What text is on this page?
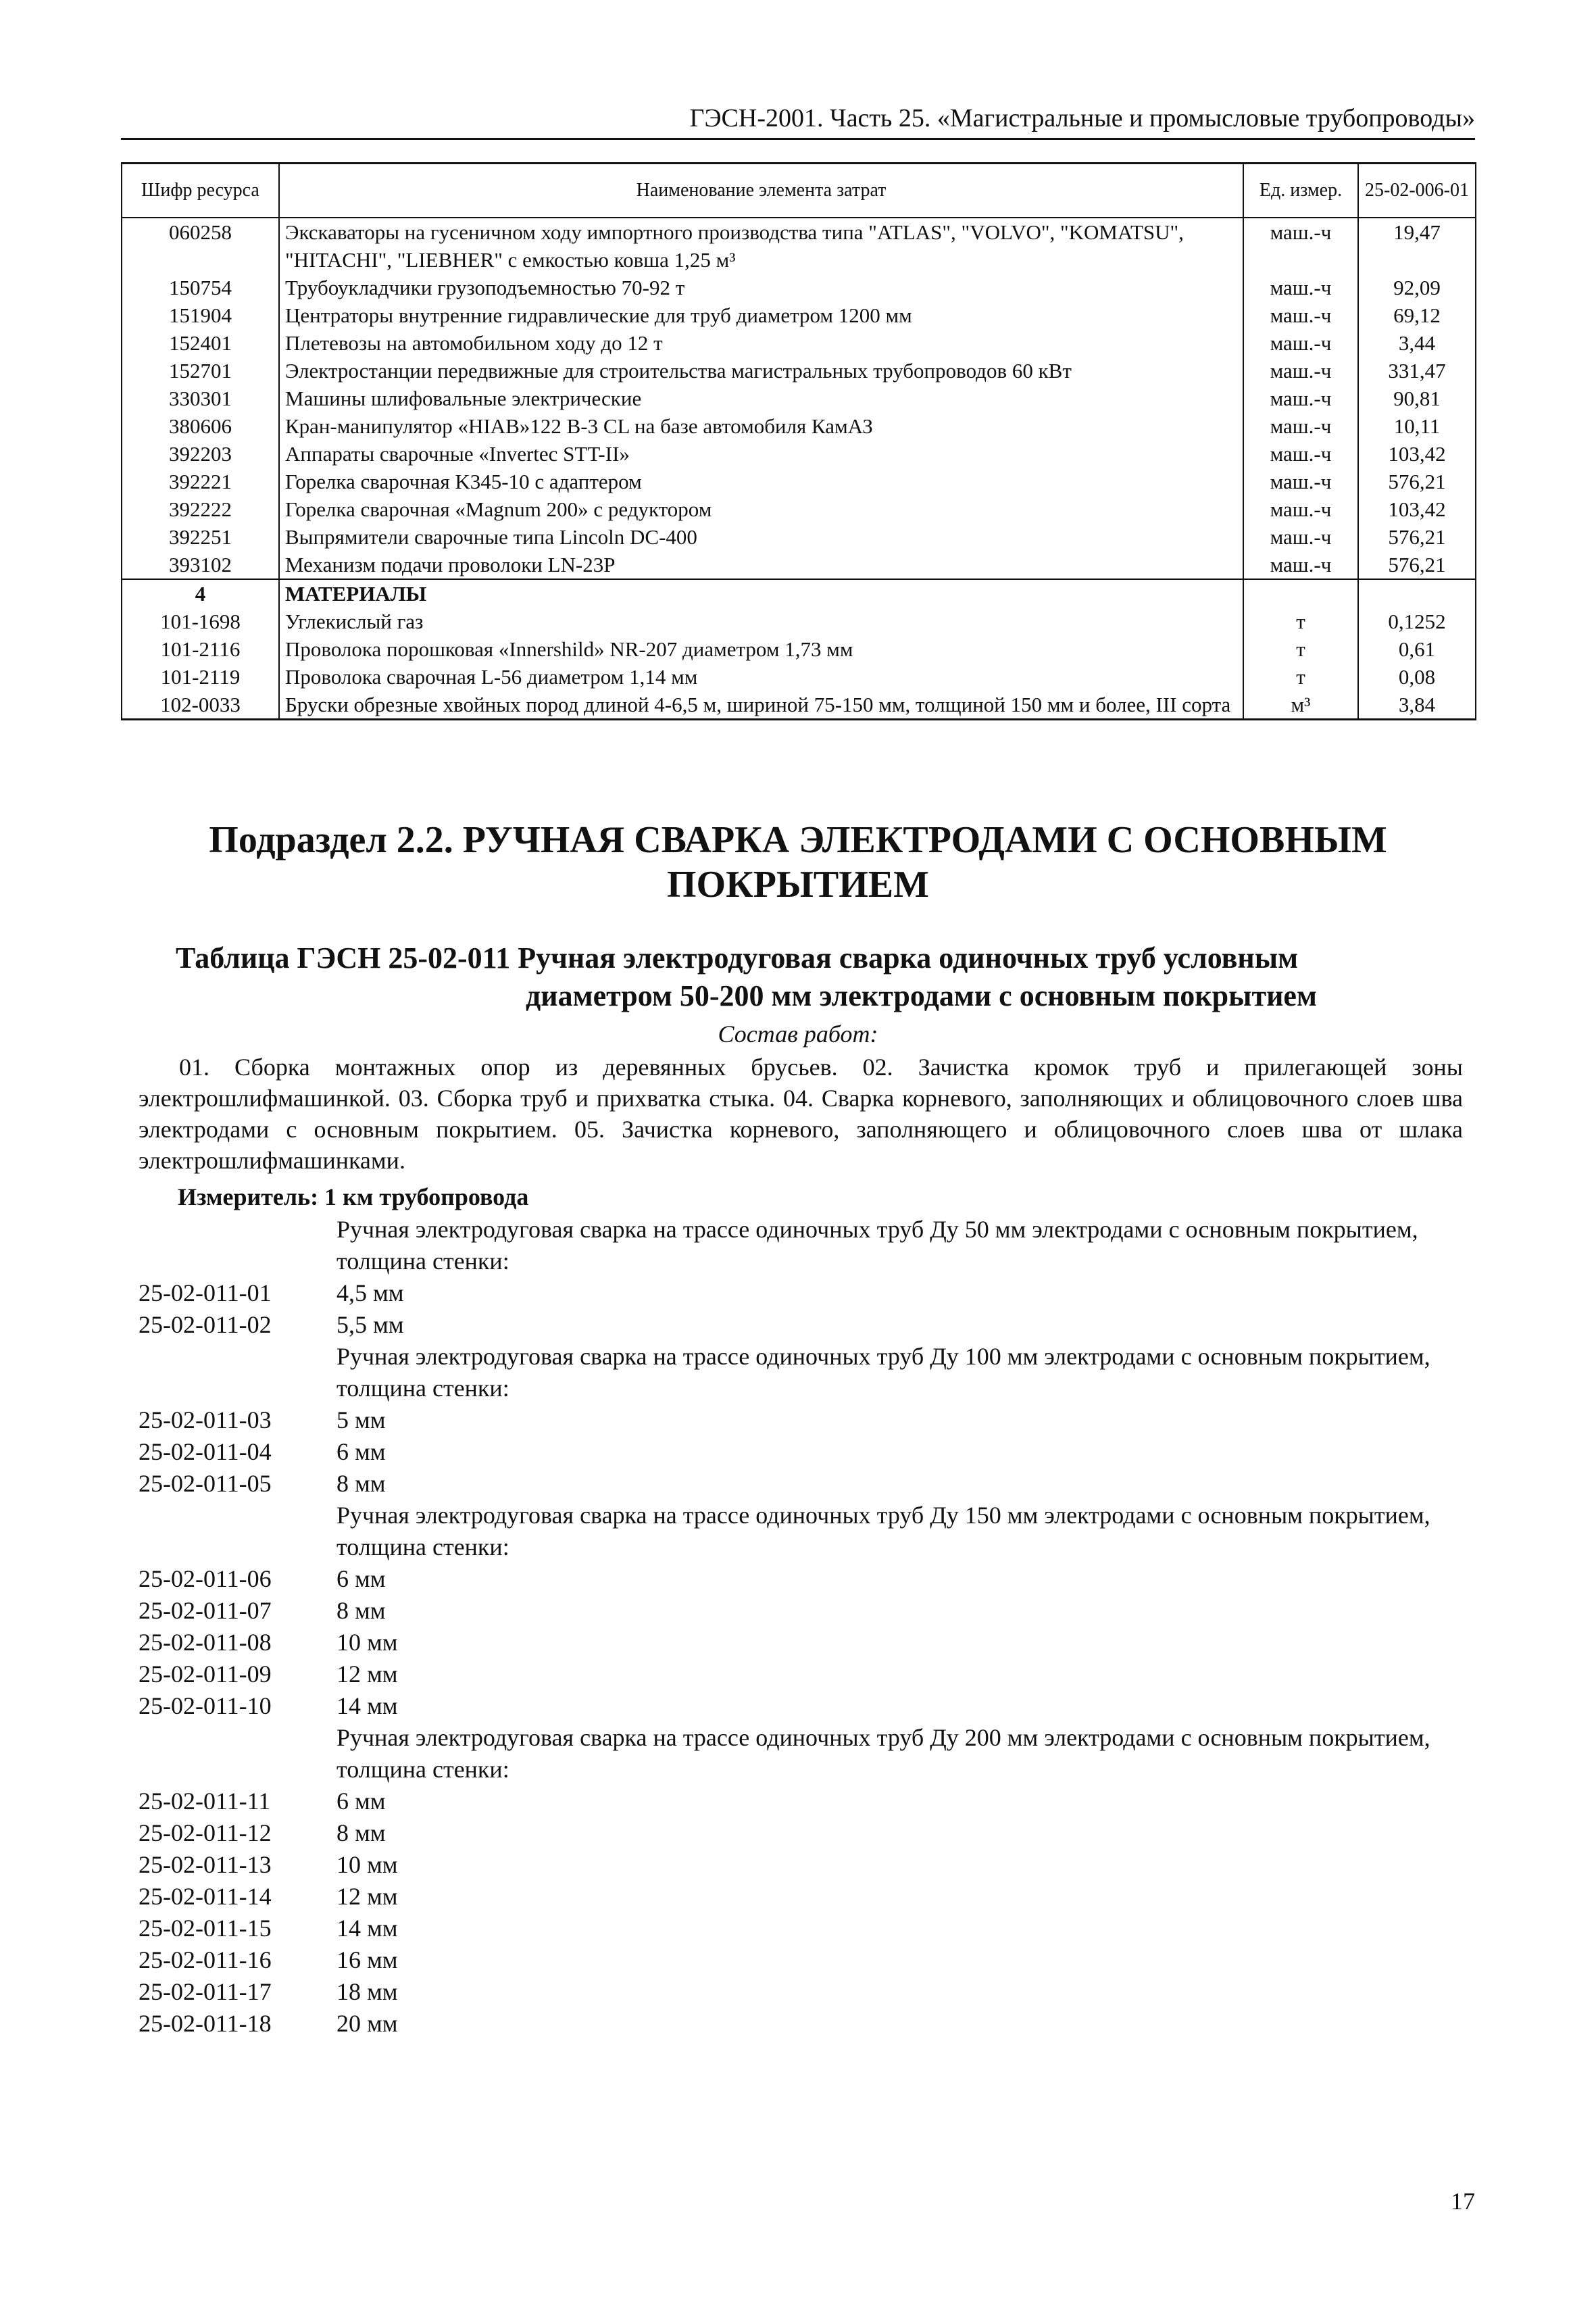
ГЭСН-2001. Часть 25. «Магистральные и промысловые трубопроводы»
Шифр ресурса	Наименование элемента затрат	Ед. измер.	25-02-006-01
060258	Экскаваторы на гусеничном ходу импортного производства типа "ATLAS", "VOLVO", "KOMATSU", "HITACHI", "LIEBHER" с емкостью ковша 1,25 м³	маш.-ч	19,47
150754	Трубоукладчики грузоподъемностью 70-92 т	маш.-ч	92,09
151904	Центраторы внутренние гидравлические для труб диаметром 1200 мм	маш.-ч	69,12
152401	Плетевозы на автомобильном ходу до 12 т	маш.-ч	3,44
152701	Электростанции передвижные для строительства магистральных трубопроводов 60 кВт	маш.-ч	331,47
330301	Машины шлифовальные электрические	маш.-ч	90,81
380606	Кран-манипулятор «HIAB»122 B-3 CL на базе автомобиля КамАЗ	маш.-ч	10,11
392203	Аппараты сварочные «Invertec STT-II»	маш.-ч	103,42
392221	Горелка сварочная K345-10 с адаптером	маш.-ч	576,21
392222	Горелка сварочная «Magnum 200» с редуктором	маш.-ч	103,42
392251	Выпрямители сварочные типа Lincoln DC-400	маш.-ч	576,21
393102	Механизм подачи проволоки LN-23P	маш.-ч	576,21
4	МАТЕРИАЛЫ		
101-1698	Углекислый газ	т	0,1252
101-2116	Проволока порошковая «Innershild» NR-207 диаметром 1,73 мм	т	0,61
101-2119	Проволока сварочная L-56 диаметром 1,14 мм	т	0,08
102-0033	Бруски обрезные хвойных пород длиной 4-6,5 м, шириной 75-150 мм, толщиной 150 мм и более, III сорта	м³	3,84
Подраздел 2.2. РУЧНАЯ СВАРКА ЭЛЕКТРОДАМИ С ОСНОВНЫМ ПОКРЫТИЕМ
Таблица ГЭСН 25-02-011 Ручная электродуговая сварка одиночных труб условным
диаметром 50-200 мм электродами с основным покрытием
Состав работ:
01. Сборка монтажных опор из деревянных брусьев. 02. Зачистка кромок труб и прилегающей зоны электрошлифмашинкой. 03. Сборка труб и прихватка стыка. 04. Сварка корневого, заполняющих и облицовочного слоев шва электродами с основным покрытием. 05. Зачистка корневого, заполняющего и облицовочного слоев шва от шлака электрошлифмашинками.
Измеритель: 1 км трубопровода
Ручная электродуговая сварка на трассе одиночных труб Ду 50 мм электродами с основным покрытием, толщина стенки:
25-02-011-01	4,5 мм
25-02-011-02	5,5 мм
Ручная электродуговая сварка на трассе одиночных труб Ду 100 мм электродами с основным покрытием, толщина стенки:
25-02-011-03	5 мм
25-02-011-04	6 мм
25-02-011-05	8 мм
Ручная электродуговая сварка на трассе одиночных труб Ду 150 мм электродами с основным покрытием, толщина стенки:
25-02-011-06	6 мм
25-02-011-07	8 мм
25-02-011-08	10 мм
25-02-011-09	12 мм
25-02-011-10	14 мм
Ручная электродуговая сварка на трассе одиночных труб Ду 200 мм электродами с основным покрытием, толщина стенки:
25-02-011-11	6 мм
25-02-011-12	8 мм
25-02-011-13	10 мм
25-02-011-14	12 мм
25-02-011-15	14 мм
25-02-011-16	16 мм
25-02-011-17	18 мм
25-02-011-18	20 мм
17
